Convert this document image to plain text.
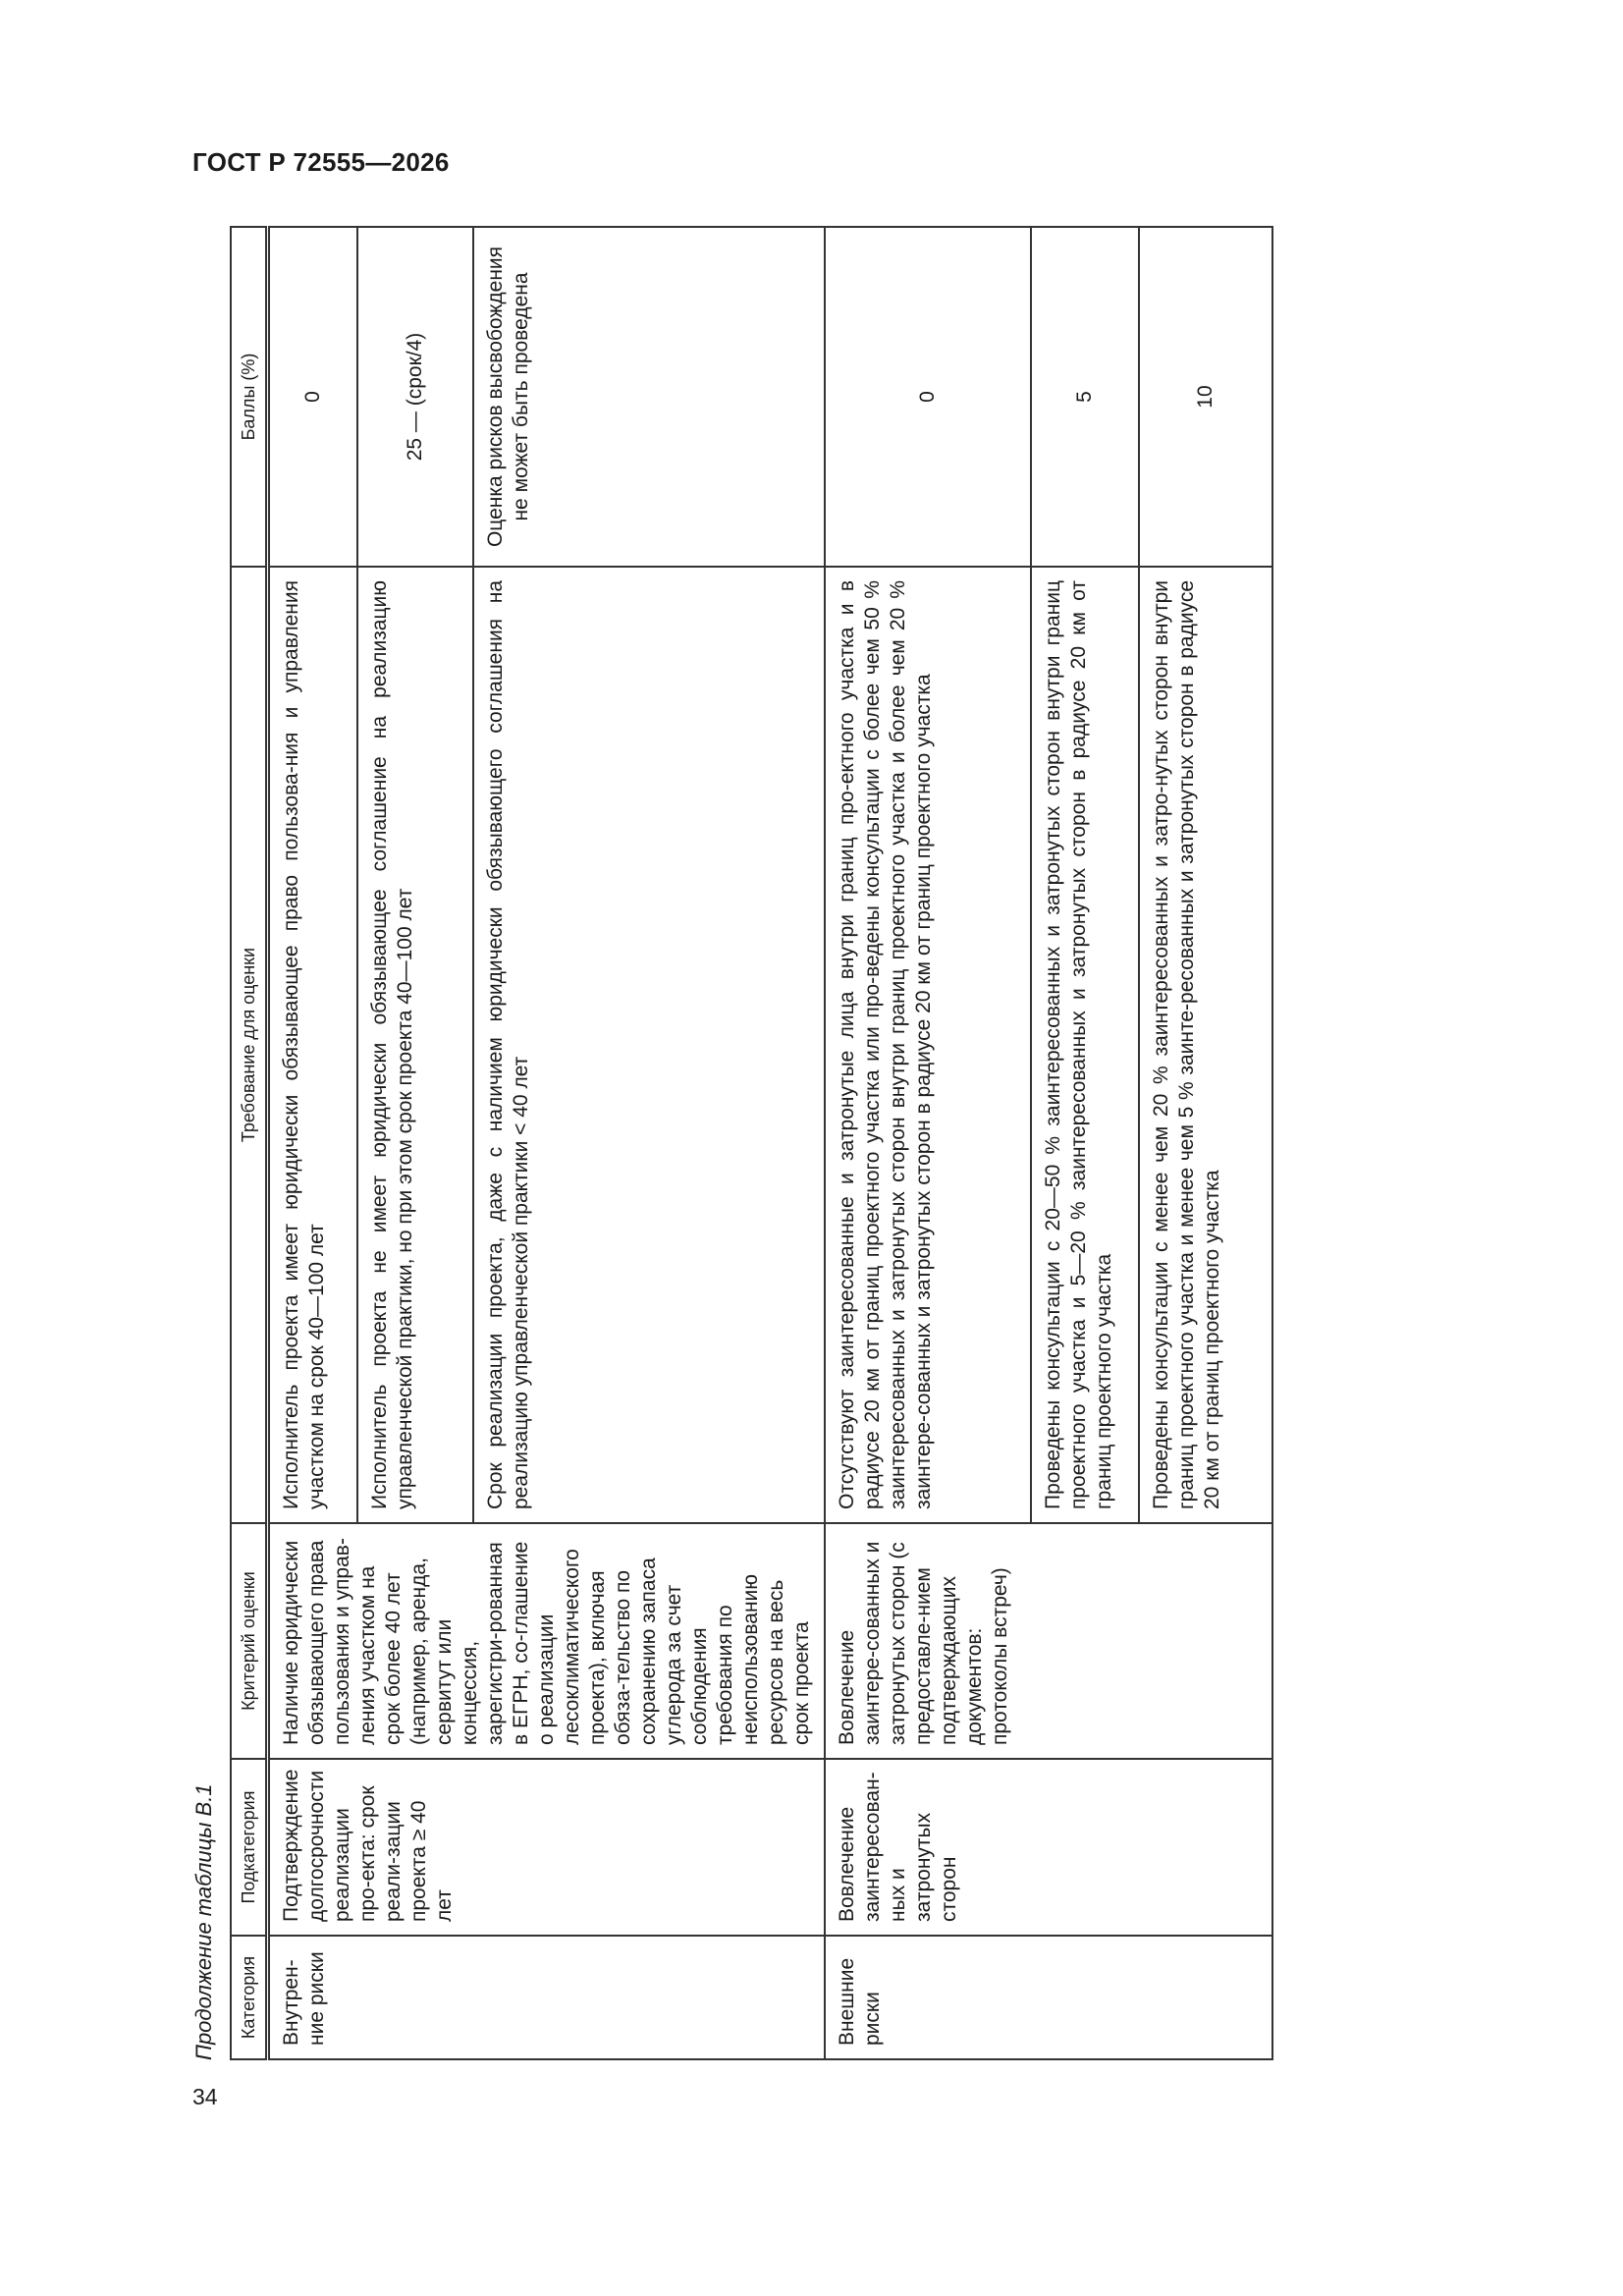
ГОСТ Р 72555—2026
Продолжение таблицы В.1	Категория	Подкатегория	Критерий оценки	Требование для оценки	Баллы (%)
Внутрен-ние риски	Подтверждение долгосрочности реализации про-екта: срок реали-зации проекта ≥ 40 лет	Наличие юридически обязывающего права пользования и управ-ления участком на срок более 40 лет (например, аренда, сервитут или концессия, зарегистри-рованная в ЕГРН, со-глашение о реализации лесоклиматического проекта), включая обяза-тельство по сохранению запаса углерода за счет соблюдения требования по неиспользованию ресурсов на весь срок проекта	Исполнитель проекта имеет юридически обязывающее право пользова-ния и управления участком на срок 40—100 лет	0
			Исполнитель проекта не имеет юридически обязывающее соглашение на реализацию управленческой практики, но при этом срок проекта 40—100 лет	25 — (срок/4)
			Срок реализации проекта, даже с наличием юридически обязывающего соглашения на реализацию управленческой практики < 40 лет	Оценка рисков высвобождения не может быть проведена
Внешние риски	Вовлечение заинтересован-ных и затронутых сторон	Вовлечение заинтере-сованных и затронутых сторон (с предоставле-нием подтверждающих документов: протоколы встреч)	Отсутствуют заинтересованные и затронутые лица внутри границ про-ектного участка и в радиусе 20 км от границ проектного участка или про-ведены консультации с более чем 50 % заинтересованных и затронутых сторон внутри границ проектного участка и более чем 20 % заинтере-сованных и затронутых сторон в радиусе 20 км от границ проектного участка	0
			Проведены консультации с 20—50 % заинтересованных и затронутых сторон внутри границ проектного участка и 5—20 % заинтересованных и затронутых сторон в радиусе 20 км от границ проектного участка	5
			Проведены консультации с менее чем 20 % заинтересованных и затро-нутых сторон внутри границ проектного участка и менее чем 5 % заинте-ресованных и затронутых сторон в радиусе 20 км от границ проектного участка	10
34
